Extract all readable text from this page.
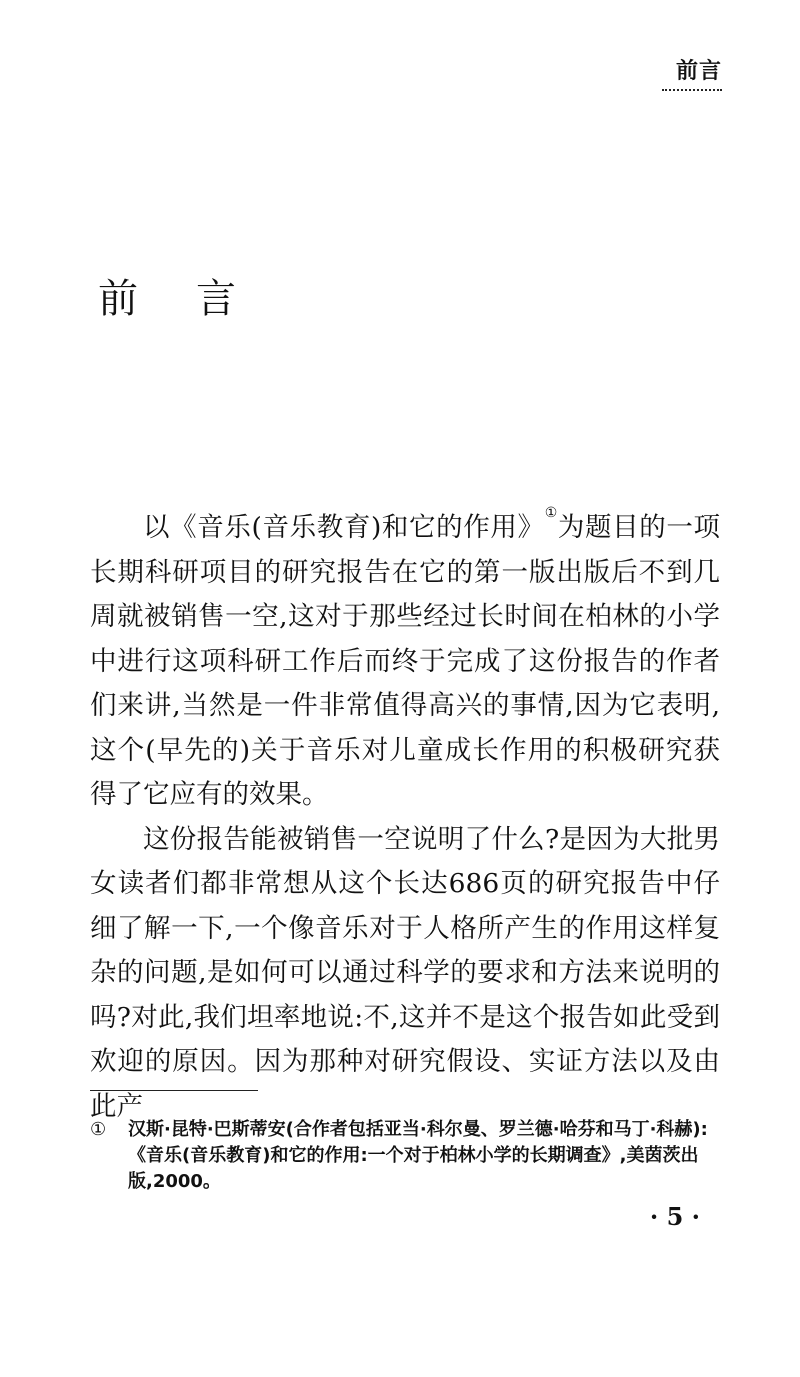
前言
前言

以《音乐(音乐教育)和它的作用》①为题目的一项长期科研项目的研究报告在它的第一版出版后不到几周就被销售一空,这对于那些经过长时间在柏林的小学中进行这项科研工作后而终于完成了这份报告的作者们来讲,当然是一件非常值得高兴的事情,因为它表明,这个(早先的)关于音乐对儿童成长作用的积极研究获得了它应有的效果。

这份报告能被销售一空说明了什么?是因为大批男女读者们都非常想从这个长达686页的研究报告中仔细了解一下,一个像音乐对于人格所产生的作用这样复杂的问题,是如何可以通过科学的要求和方法来说明的吗?对此,我们坦率地说:不,这并不是这个报告如此受到欢迎的原因。因为那种对研究假设、实证方法以及由此产

①	汉斯·昆特·巴斯蒂安(合作者包括亚当·科尔曼、罗兰德·哈芬和马丁·科赫):《音乐(音乐教育)和它的作用:一个对于柏林小学的长期调查》,美茵茨出版,2000。
· 5 ·
